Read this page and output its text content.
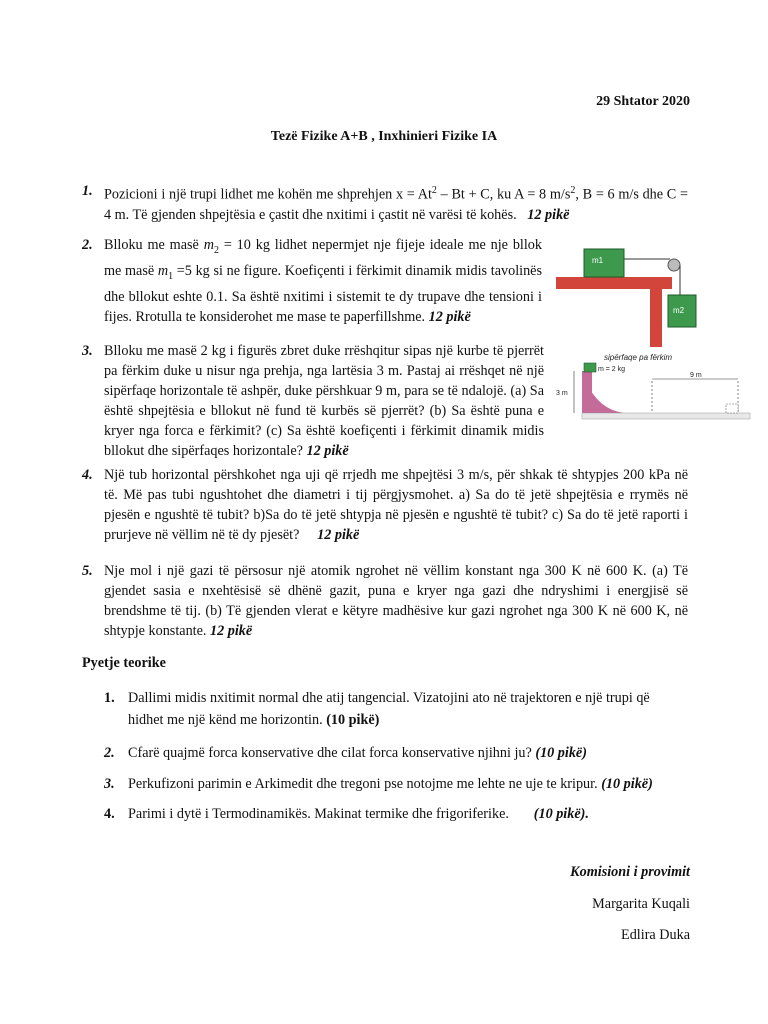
29 Shtator 2020
Tezë Fizike A+B , Inxhinieri Fizike IA
1. Pozicioni i një trupi lidhet me kohën me shprehjen $x = At^2 - Bt + C$, ku A = 8 $m/s^2$, B = 6 m/s dhe C = 4 m. Të gjenden shpejtësia e çastit dhe nxitimi i çastit në varësi të kohës. 12 pikë
2. Blloku me masë $m_2 = 10$ kg lidhet nepermjet nje fijeje ideale me nje bllok me masë $m_1 =5$ kg si ne figure. Koefiçenti i fërkimit dinamik midis tavolinës dhe bllokut eshte 0.1. Sa është nxitimi i sistemit te dy trupave dhe tensioni i fijes. Rrotulla te konsiderohet me mase te paperfillshme. 12 pikë
m1
m2
3. Blloku me masë 2 kg i figurës zbret duke rrëshqitur sipas një kurbe të pjerrët pa fërkim duke u nisur nga prehja, nga lartësia 3 m. Pastaj ai rrëshqet në një sipërfaqe horizontale të ashpër, duke përshkuar 9 m, para se të ndalojë. (a) Sa është shpejtësia e bllokut në fund të kurbës së pjerrët? (b) Sa është puna e kryer nga forca e fërkimit? (c) Sa është koefiçenti i fërkimit dinamik midis bllokut dhe sipërfaqes horizontale? 12 pikë
sipërfaqe pa fërkim
m = 2 kg
3 m
9 m
4. Një tub horizontal përshkohet nga uji që rrjedh me shpejtësi 3 m/s, për shkak të shtypjes 200 kPa në të. Më pas tubi ngushtohet dhe diametri i tij përgjysmohet. a) Sa do të jetë shpejtësia e rrymës në pjesën e ngushtë të tubit? b)Sa do të jetë shtypja në pjesën e ngushtë të tubit? c) Sa do të jetë raporti i prurjeve në vëllim në të dy pjesët? 12 pikë
5. Nje mol i një gazi të përsosur një atomik ngrohet në vëllim konstant nga 300 K në 600 K. (a) Të gjendet sasia e nxehtësisë së dhënë gazit, puna e kryer nga gazi dhe ndryshimi i energjisë së brendshme të tij. (b) Të gjenden vlerat e këtyre madhësive kur gazi ngrohet nga 300 K në 600 K, në shtypje konstante. 12 pikë
Pyetje teorike
1. Dallimi midis nxitimit normal dhe atij tangencial. Vizatojini ato në trajektoren e një trupi që hidhet me një kënd me horizontin. (10 pikë)
2. Cfarë quajmë forca konservative dhe cilat forca konservative njihni ju? (10 pikë)
3. Perkufizoni parimin e Arkimedit dhe tregoni pse notojme me lehte ne uje te kripur. (10 pikë)
4. Parimi i dytë i Termodinamikës. Makinat termike dhe frigoriferike. (10 pikë).
Komisioni i provimit
Margarita Kuqali
Edlira Duka
